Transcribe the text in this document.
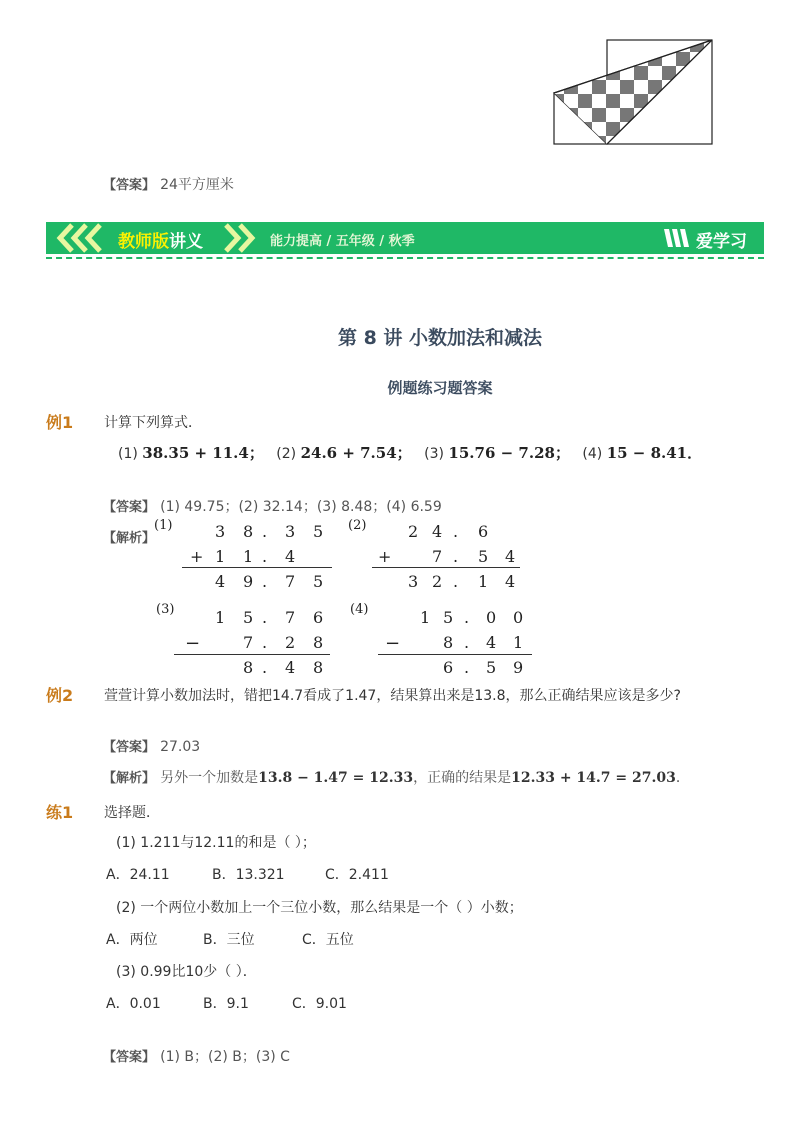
【答案】 24平方厘米
教师版讲义	能力提高 / 五年级 / 秋季	爱学习
第 8 讲 小数加法和减法
例题练习题答案
例1 计算下列算式．
(1) 38.35 + 11.4； (2) 24.6 + 7.54； (3) 15.76 − 7.28； (4) 15 − 8.41．
【答案】 (1) 49.75；(2) 32.14；(3) 8.48；(4) 6.59
【解析】
(1)	3 8 . 3 5
+ 1 1 . 4
4 9 . 7 5
(2)	2 4 . 6
+	7 . 5 4
3 2 . 1 4
(3)	1 5 . 7 6
−	7 . 2 8
8 . 4 8
(4)	1 5 . 0 0
−	8 . 4 1
6 . 5 9
例2 萱萱计算小数加法时，错把14.7看成了1.47，结果算出来是13.8，那么正确结果应该是多少?
【答案】 27.03
【解析】 另外一个加数是13.8 − 1.47 = 12.33，正确的结果是12.33 + 14.7 = 27.03．
练1 选择题．
(1) 1.211与12.11的和是（ ）；
A．24.11	B．13.321	C．2.411
(2) 一个两位小数加上一个三位小数，那么结果是一个（ ）小数；
A．两位	B．三位	C．五位
(3) 0.99比10少（ ）．
A．0.01	B．9.1	C．9.01
【答案】 (1) B；(2) B；(3) C
